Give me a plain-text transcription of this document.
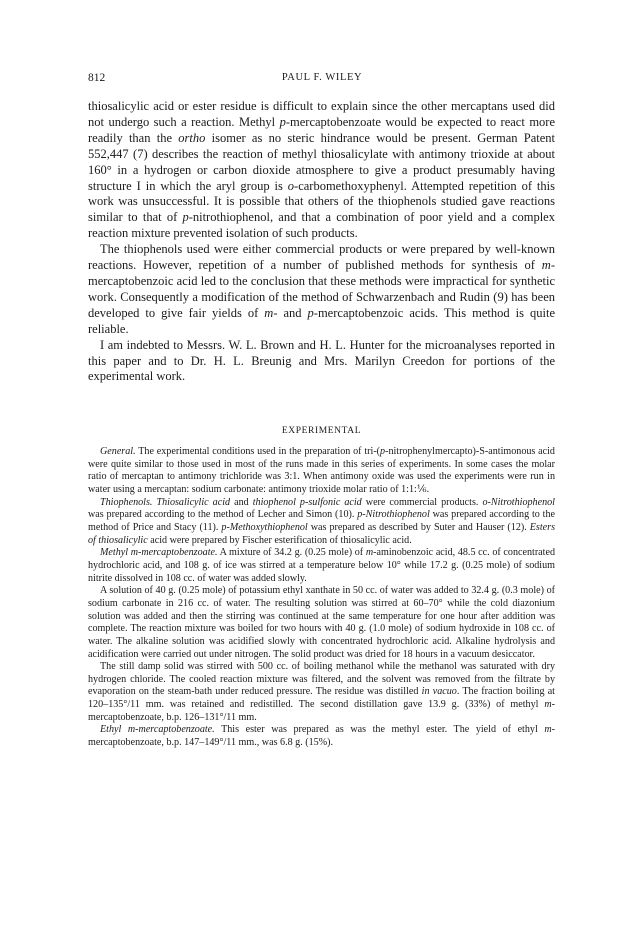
812	PAUL F. WILEY

thiosalicylic acid or ester residue is difficult to explain since the other mercaptans used did not undergo such a reaction. Methyl p-mercaptobenzoate would be expected to react more readily than the ortho isomer as no steric hindrance would be present. German Patent 552,447 (7) describes the reaction of methyl thiosalicylate with antimony trioxide at about 160° in a hydrogen or carbon dioxide atmosphere to give a product presumably having structure I in which the aryl group is o-carbomethoxyphenyl. Attempted repetition of this work was unsuccessful. It is possible that others of the thiophenols studied gave reactions similar to that of p-nitrothiophenol, and that a combination of poor yield and a complex reaction mixture prevented isolation of such products.

The thiophenols used were either commercial products or were prepared by well-known reactions. However, repetition of a number of published methods for synthesis of m-mercaptobenzoic acid led to the conclusion that these methods were impractical for synthetic work. Consequently a modification of the method of Schwarzenbach and Rudin (9) has been developed to give fair yields of m- and p-mercaptobenzoic acids. This method is quite reliable.

I am indebted to Messrs. W. L. Brown and H. L. Hunter for the microanalyses reported in this paper and to Dr. H. L. Breunig and Mrs. Marilyn Creedon for portions of the experimental work.

EXPERIMENTAL

General. The experimental conditions used in the preparation of tri-(p-nitrophenylmercapto)-S-antimonous acid were quite similar to those used in most of the runs made in this series of experiments. In some cases the molar ratio of mercaptan to antimony trichloride was 3:1. When antimony oxide was used the experiments were run in water using a mercaptan: sodium carbonate: antimony trioxide molar ratio of 1:1:⅙.

Thiophenols. Thiosalicylic acid and thiophenol p-sulfonic acid were commercial products. o-Nitrothiophenol was prepared according to the method of Lecher and Simon (10). p-Nitrothiophenol was prepared according to the method of Price and Stacy (11). p-Methoxythiophenol was prepared as described by Suter and Hauser (12). Esters of thiosalicylic acid were prepared by Fischer esterification of thiosalicylic acid.

Methyl m-mercaptobenzoate. A mixture of 34.2 g. (0.25 mole) of m-aminobenzoic acid, 48.5 cc. of concentrated hydrochloric acid, and 108 g. of ice was stirred at a temperature below 10° while 17.2 g. (0.25 mole) of sodium nitrite dissolved in 108 cc. of water was added slowly.

A solution of 40 g. (0.25 mole) of potassium ethyl xanthate in 50 cc. of water was added to 32.4 g. (0.3 mole) of sodium carbonate in 216 cc. of water. The resulting solution was stirred at 60–70° while the cold diazonium solution was added and then the stirring was continued at the same temperature for one hour after addition was complete. The reaction mixture was boiled for two hours with 40 g. (1.0 mole) of sodium hydroxide in 108 cc. of water. The alkaline solution was acidified slowly with concentrated hydrochloric acid. Alkaline hydrolysis and acidification were carried out under nitrogen. The solid product was dried for 18 hours in a vacuum desiccator.

The still damp solid was stirred with 500 cc. of boiling methanol while the methanol was saturated with dry hydrogen chloride. The cooled reaction mixture was filtered, and the solvent was removed from the filtrate by evaporation on the steam-bath under reduced pressure. The residue was distilled in vacuo. The fraction boiling at 120–135°/11 mm. was retained and redistilled. The second distillation gave 13.9 g. (33%) of methyl m-mercaptobenzoate, b.p. 126–131°/11 mm.

Ethyl m-mercaptobenzoate. This ester was prepared as was the methyl ester. The yield of ethyl m-mercaptobenzoate, b.p. 147–149°/11 mm., was 6.8 g. (15%).
